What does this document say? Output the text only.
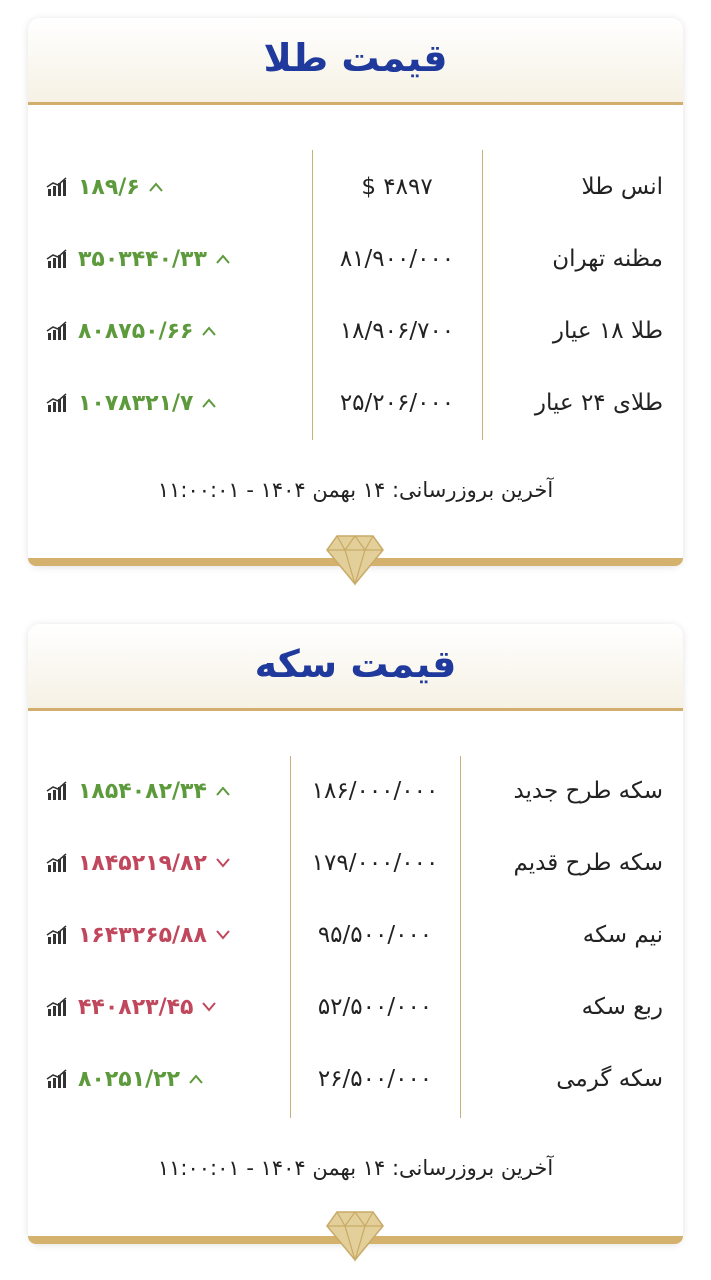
قیمت طلا
انس طلا
$ ۴۸۹۷
۱۸۹/۶
مظنه تهران
۸۱/۹۰۰/۰۰۰
۳۵۰۳۴۴۰/۳۳
طلا ۱۸ عیار
۱۸/۹۰۶/۷۰۰
۸۰۸۷۵۰/۶۶
طلای ۲۴ عیار
۲۵/۲۰۶/۰۰۰
۱۰۷۸۳۲۱/۷
آخرین بروزرسانی: ۱۴ بهمن ۱۴۰۴ - ۱۱:۰۰:۰۱
قیمت سکه
سکه طرح جدید
۱۸۶/۰۰۰/۰۰۰
۱۸۵۴۰۸۲/۳۴
سکه طرح قدیم
۱۷۹/۰۰۰/۰۰۰
۱۸۴۵۲۱۹/۸۲
نیم سکه
۹۵/۵۰۰/۰۰۰
۱۶۴۳۲۶۵/۸۸
ربع سکه
۵۲/۵۰۰/۰۰۰
۴۴۰۸۲۳/۴۵
سکه گرمی
۲۶/۵۰۰/۰۰۰
۸۰۲۵۱/۲۲
آخرین بروزرسانی: ۱۴ بهمن ۱۴۰۴ - ۱۱:۰۰:۰۱
